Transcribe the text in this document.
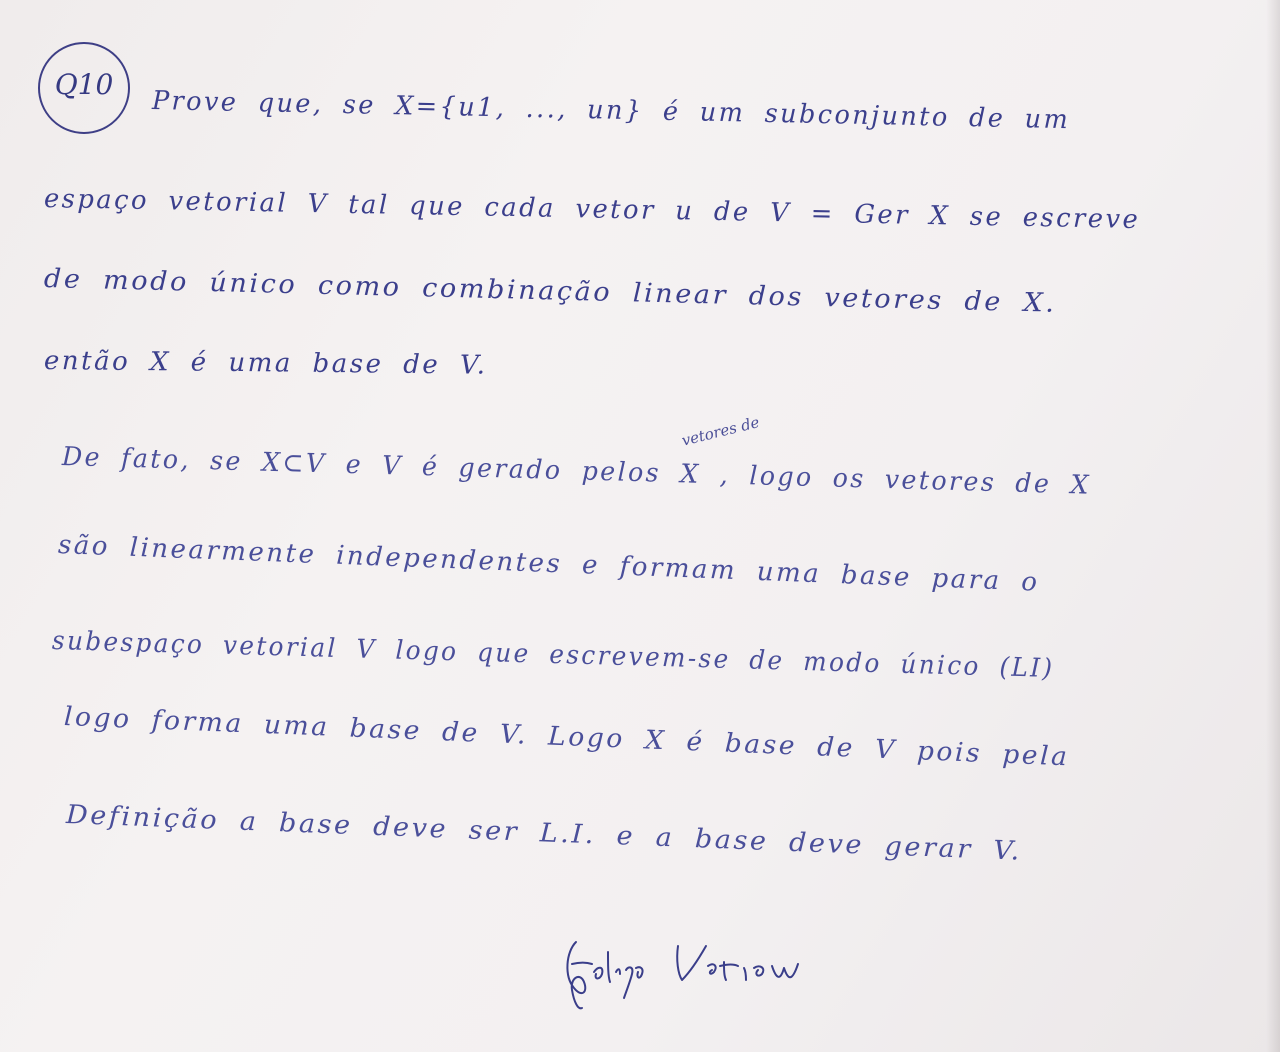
Q10
Prove que, se X={u1, ..., un} é um subconjunto de um
espaço vetorial V tal que cada vetor u de V = Ger X se escreve
de modo único como combinação linear dos vetores de X.
então X é uma base de V.
De fato, se X⊂V e V é gerado pelos X , logo os vetores de X
vetores de
são linearmente independentes e formam uma base para o
subespaço vetorial V logo que escrevem-se de modo único (LI)
logo forma uma base de V. Logo X é base de V pois pela
Definição a base deve ser L.I. e a base deve gerar V.
